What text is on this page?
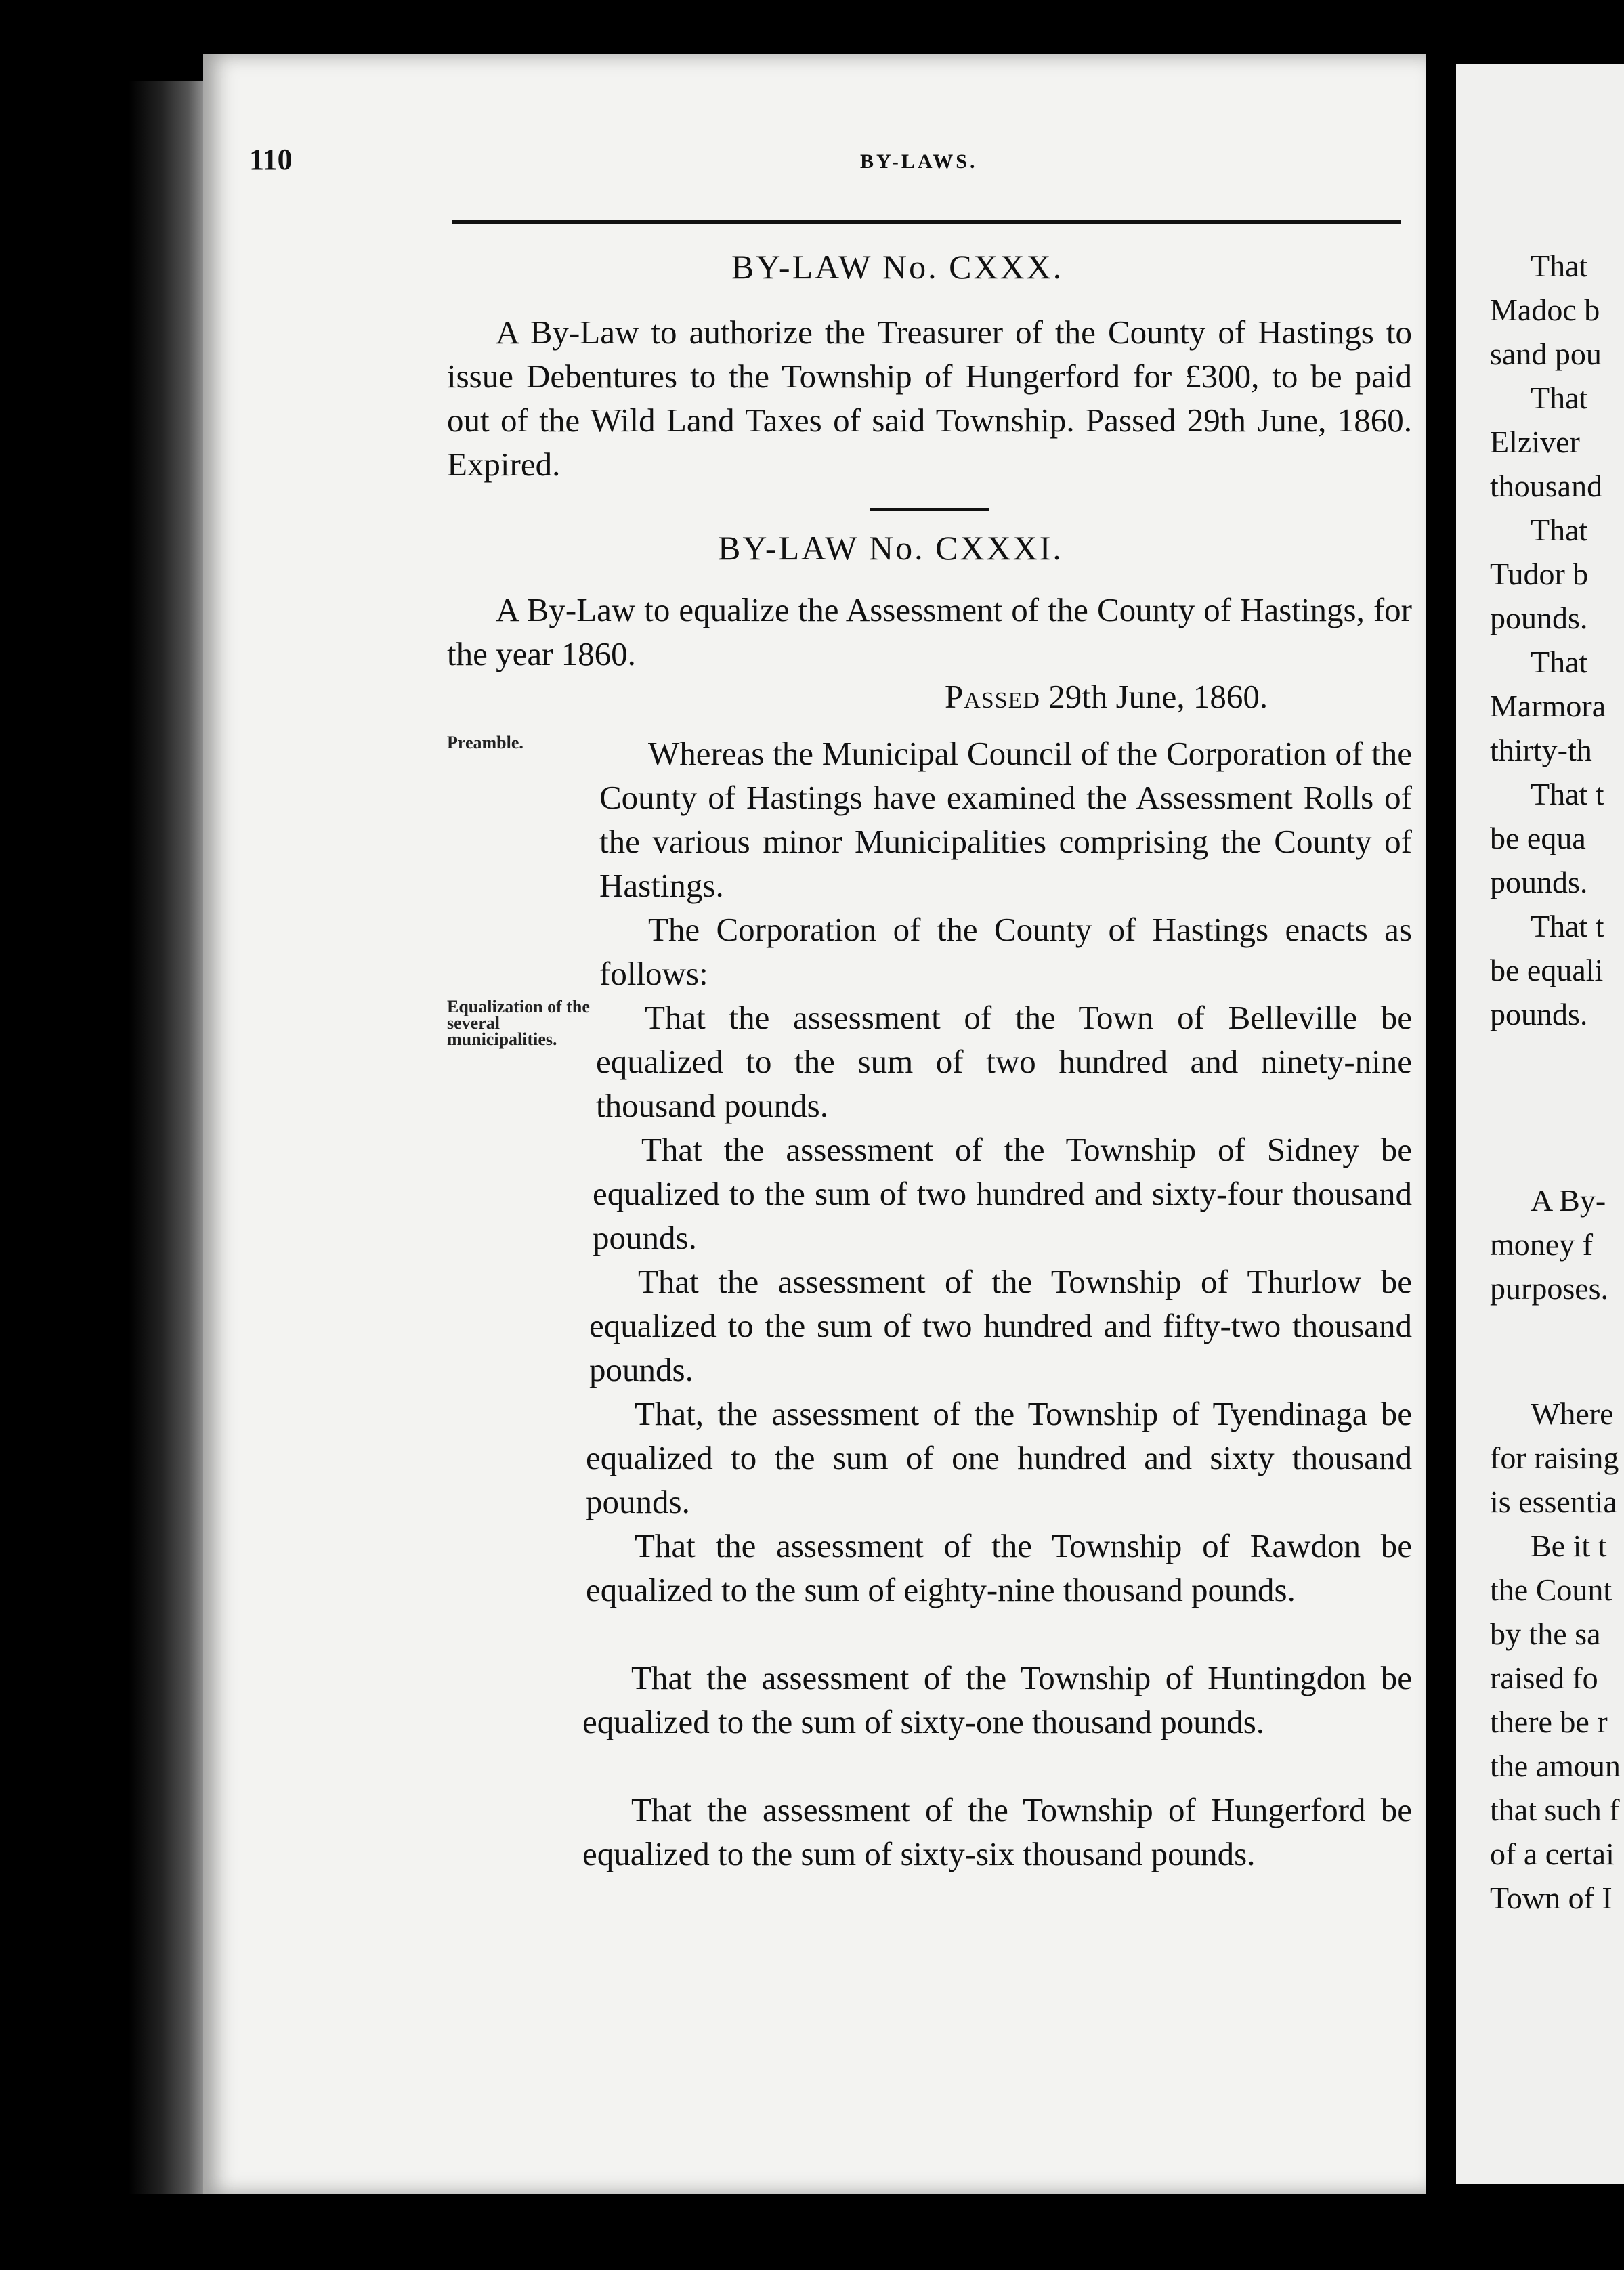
110	BY-LAWS.
BY-LAW No. CXXX.
A By-Law to authorize the Treasurer of the County of Hastings to issue Debentures to the Township of Hungerford for £300, to be paid out of the Wild Land Taxes of said Township. Passed 29th June, 1860. Expired.
BY-LAW No. CXXXI.
A By-Law to equalize the Assessment of the County of Hastings, for the year 1860.
Passed 29th June, 1860.
Preamble.
Equalization of the several municipalities.
Whereas the Municipal Council of the Corporation of the County of Hastings have examined the Assessment Rolls of the various minor Municipalities comprising the County of Hastings.
The Corporation of the County of Hastings enacts as follows:
That the assessment of the Town of Belleville be equalized to the sum of two hundred and ninety-nine thousand pounds.
That the assessment of the Township of Sidney be equalized to the sum of two hundred and sixty-four thousand pounds.
That the assessment of the Township of Thurlow be equalized to the sum of two hundred and fifty-two thousand pounds.
That, the assessment of the Township of Tyendinaga be equalized to the sum of one hundred and sixty thousand pounds.
That the assessment of the Township of Rawdon be equalized to the sum of eighty-nine thousand pounds.
That the assessment of the Township of Huntingdon be equalized to the sum of sixty-one thousand pounds.
That the assessment of the Township of Hungerford be equalized to the sum of sixty-six thousand pounds.

That

Madoc b

sand pou

That

Elziver

thousand

That

Tudor b

pounds.

That

Marmora

thirty-th

That t

be equa

pounds.

That t

be equali

pounds.

A By-

money f

purposes.

Where

for raising

is essentia

Be it t

the Count

by the sa

raised fo

there be r

the amoun

that such f

of a certai

Town of I
